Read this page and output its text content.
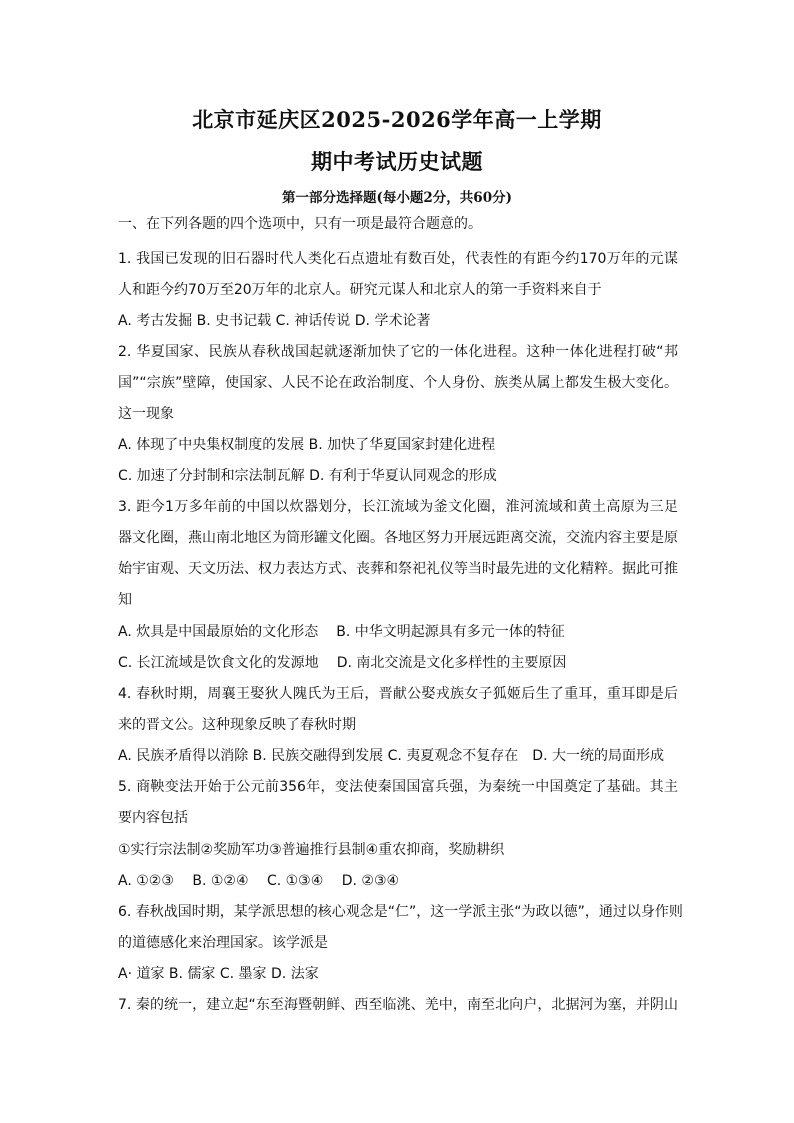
北京市延庆区2025-2026学年高一上学期
期中考试历史试题
第一部分选择题(每小题2分，共60分)
一、在下列各题的四个选项中，只有一项是最符合题意的。
1. 我国已发现的旧石器时代人类化石点遗址有数百处，代表性的有距今约170万年的元谋
人和距今约70万至20万年的北京人。研究元谋人和北京人的第一手资料来自于
A. 考古发掘 B. 史书记载 C. 神话传说 D. 学术论著
2. 华夏国家、民族从春秋战国起就逐渐加快了它的一体化进程。这种一体化进程打破“邦
国”“宗族”壁障，使国家、人民不论在政治制度、个人身份、族类从属上都发生极大变化。
这一现象
A. 体现了中央集权制度的发展 B. 加快了华夏国家封建化进程
C. 加速了分封制和宗法制瓦解 D. 有利于华夏认同观念的形成
3. 距今1万多年前的中国以炊器划分，长江流域为釜文化圈，淮河流域和黄土高原为三足
器文化圈，燕山南北地区为筒形罐文化圈。各地区努力开展远距离交流，交流内容主要是原
始宇宙观、天文历法、权力表达方式、丧葬和祭祀礼仪等当时最先进的文化精粹。据此可推
知
A. 炊具是中国最原始的文化形态 B. 中华文明起源具有多元一体的特征
C. 长江流域是饮食文化的发源地 D. 南北交流是文化多样性的主要原因
4. 春秋时期，周襄王娶狄人隗氏为王后，晋献公娶戎族女子狐姬后生了重耳，重耳即是后
来的晋文公。这种现象反映了春秋时期
A. 民族矛盾得以消除 B. 民族交融得到发展 C. 夷夏观念不复存在　D. 大一统的局面形成
5. 商鞅变法开始于公元前356年，变法使秦国国富兵强，为秦统一中国奠定了基础。其主
要内容包括
①实行宗法制②奖励军功③普遍推行县制④重农抑商，奖励耕织
A. ①②③　 B. ①②④　 C. ①③④　 D. ②③④
6. 春秋战国时期，某学派思想的核心观念是“仁”，这一学派主张“为政以德”，通过以身作则
的道德感化来治理国家。该学派是
A· 道家 B. 儒家 C. 墨家 D. 法家
7. 秦的统一，建立起“东至海暨朝鲜、西至临洮、羌中，南至北向户，北据河为塞，并阴山
